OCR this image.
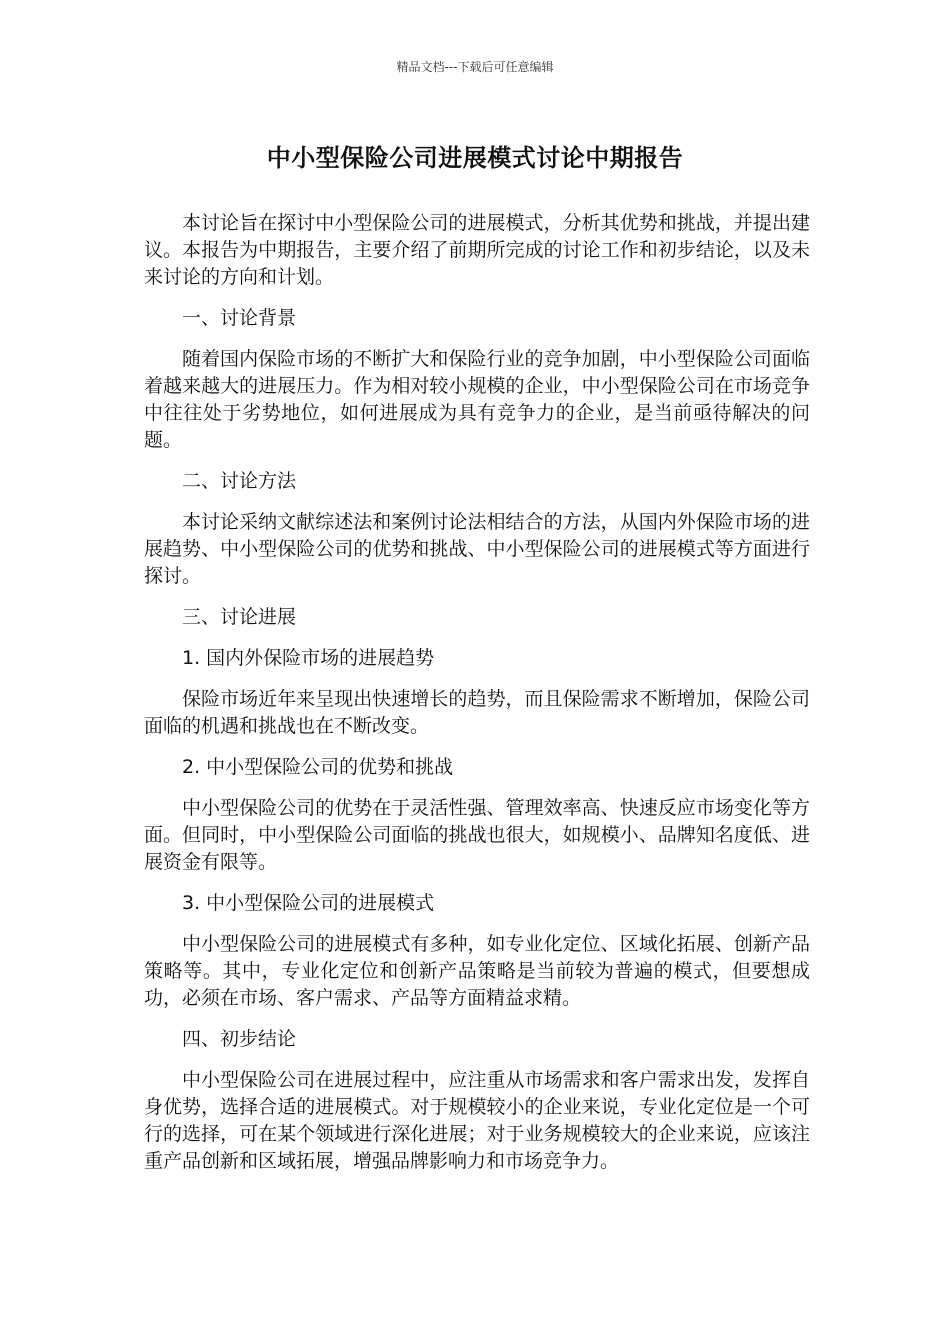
精品文档---下载后可任意编辑
中小型保险公司进展模式讨论中期报告

本讨论旨在探讨中小型保险公司的进展模式，分析其优势和挑战，并提出建议。本报告为中期报告，主要介绍了前期所完成的讨论工作和初步结论，以及未来讨论的方向和计划。

一、讨论背景

随着国内保险市场的不断扩大和保险行业的竞争加剧，中小型保险公司面临着越来越大的进展压力。作为相对较小规模的企业，中小型保险公司在市场竞争中往往处于劣势地位，如何进展成为具有竞争力的企业，是当前亟待解决的问题。

二、讨论方法

本讨论采纳文献综述法和案例讨论法相结合的方法，从国内外保险市场的进展趋势、中小型保险公司的优势和挑战、中小型保险公司的进展模式等方面进行探讨。

三、讨论进展

1. 国内外保险市场的进展趋势

保险市场近年来呈现出快速增长的趋势，而且保险需求不断增加，保险公司面临的机遇和挑战也在不断改变。

2. 中小型保险公司的优势和挑战

中小型保险公司的优势在于灵活性强、管理效率高、快速反应市场变化等方面。但同时，中小型保险公司面临的挑战也很大，如规模小、品牌知名度低、进展资金有限等。

3. 中小型保险公司的进展模式

中小型保险公司的进展模式有多种，如专业化定位、区域化拓展、创新产品策略等。其中，专业化定位和创新产品策略是当前较为普遍的模式，但要想成功，必须在市场、客户需求、产品等方面精益求精。

四、初步结论

中小型保险公司在进展过程中，应注重从市场需求和客户需求出发，发挥自身优势，选择合适的进展模式。对于规模较小的企业来说，专业化定位是一个可行的选择，可在某个领域进行深化进展；对于业务规模较大的企业来说，应该注重产品创新和区域拓展，增强品牌影响力和市场竞争力。
